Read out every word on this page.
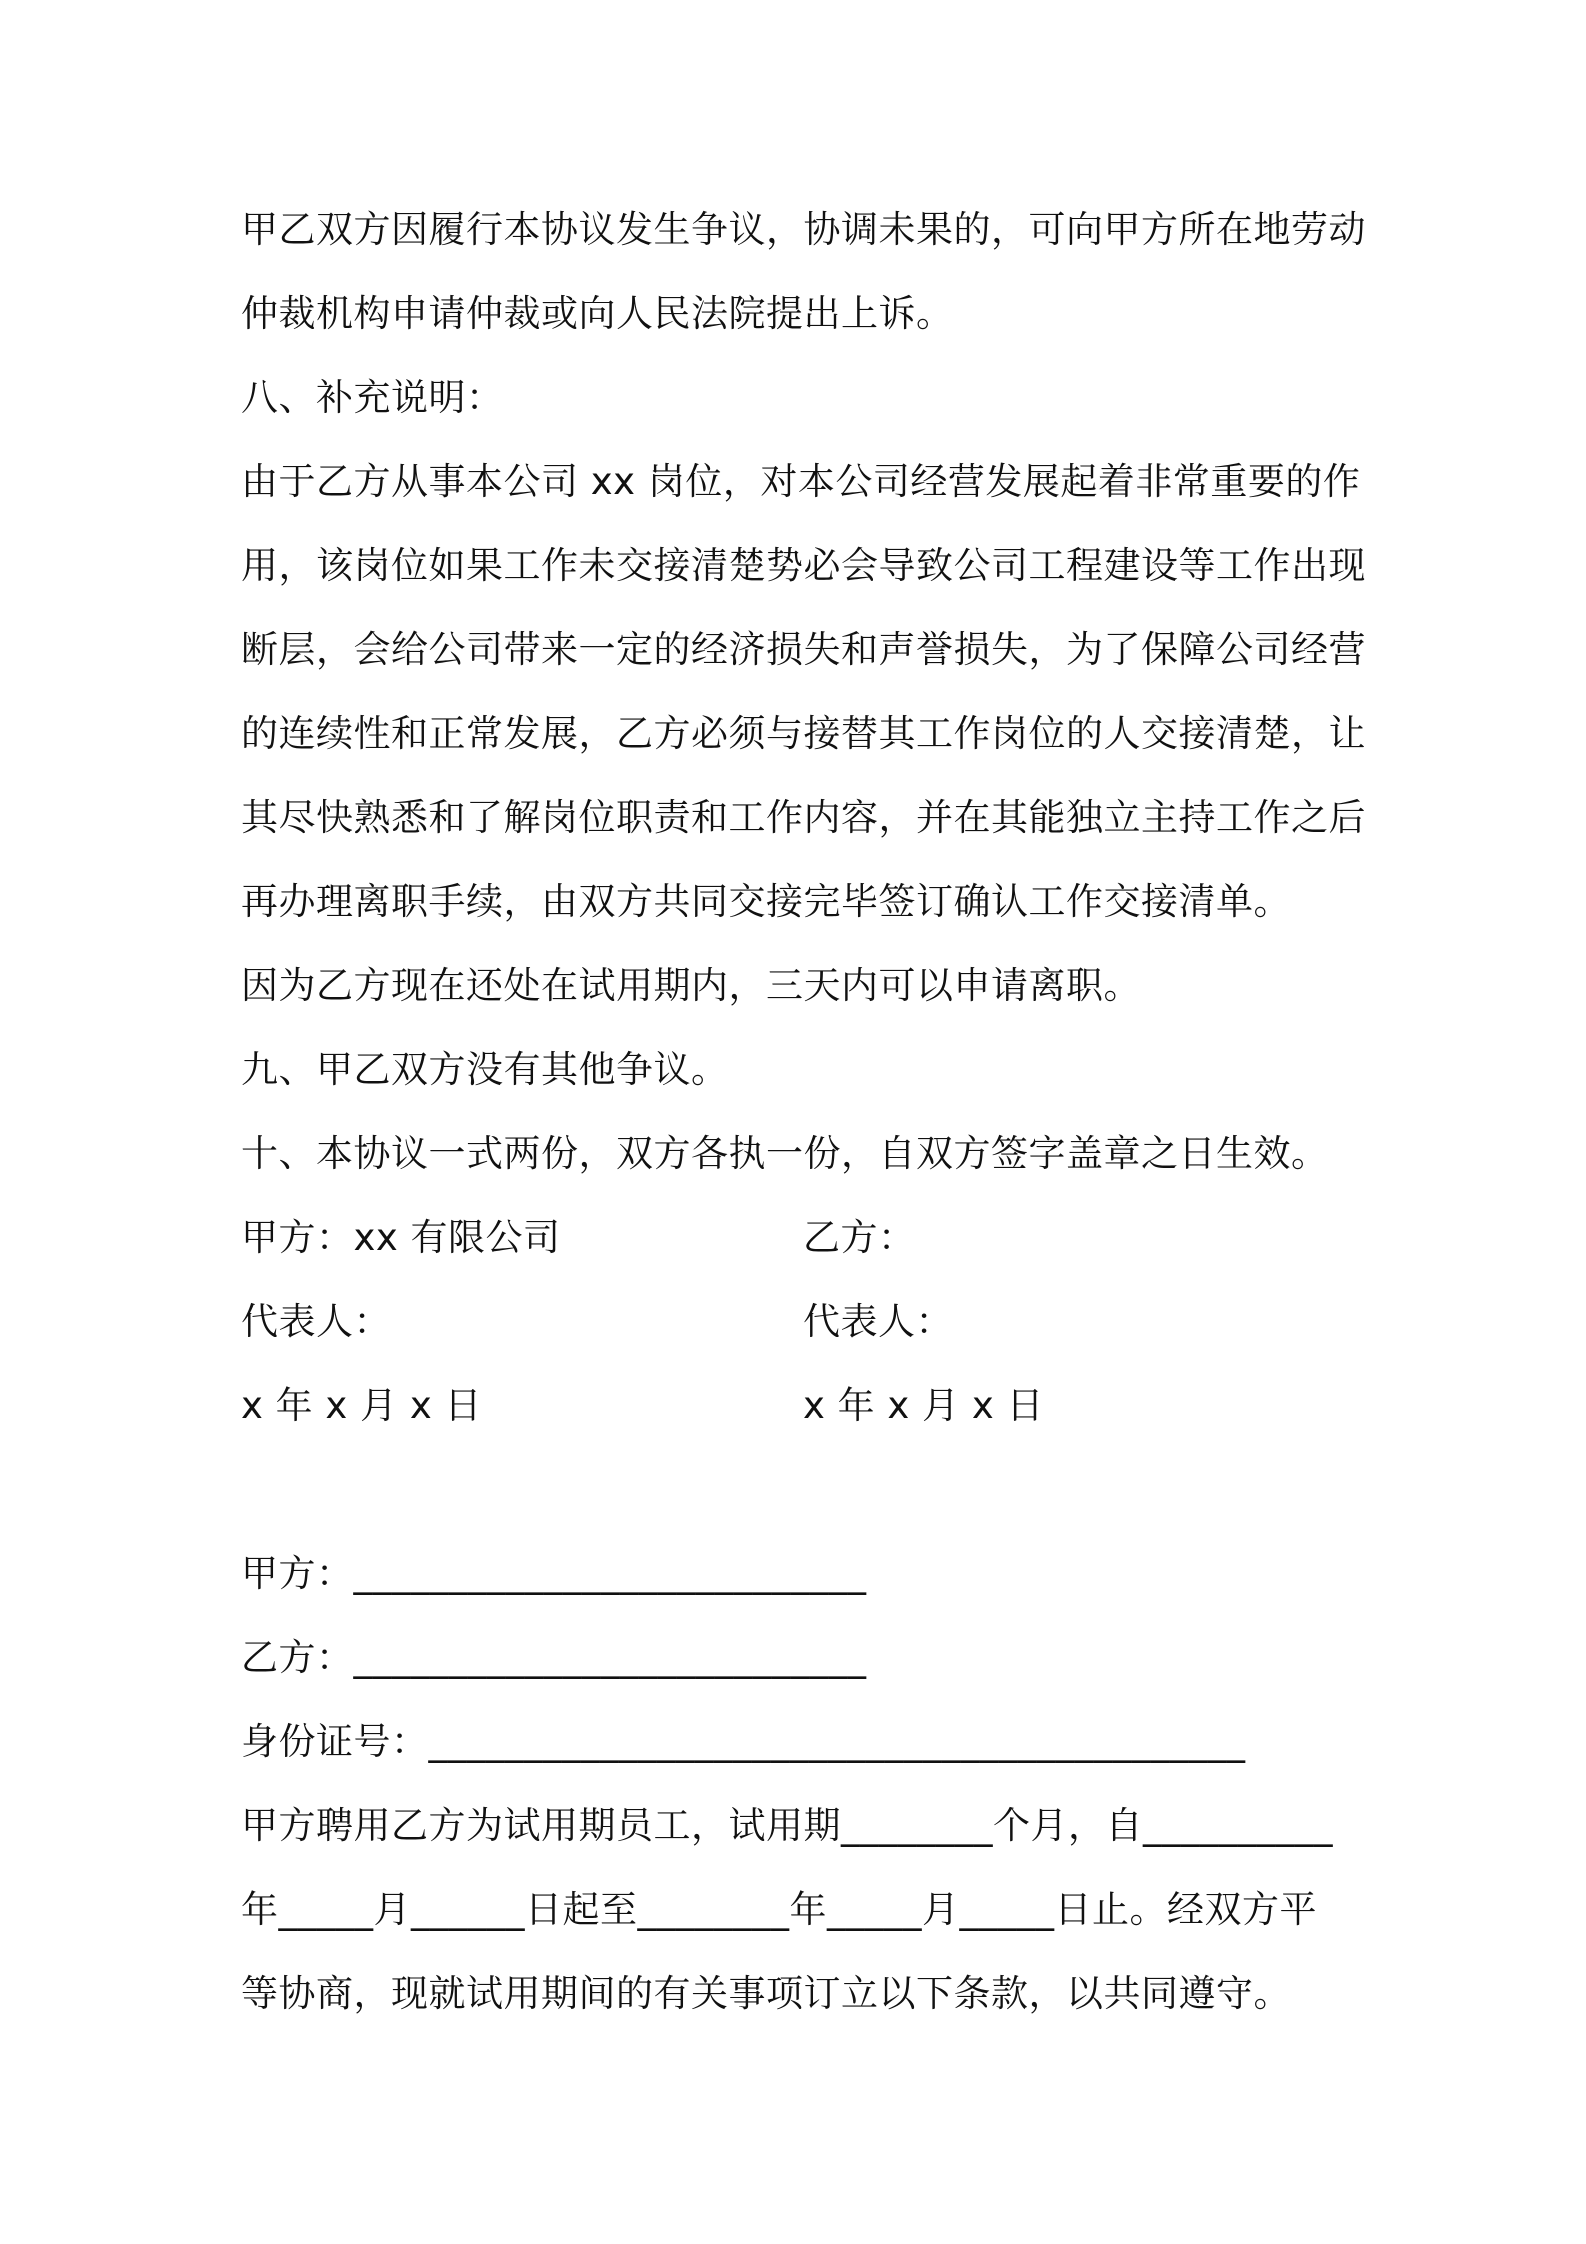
甲乙双方因履行本协议发生争议，协调未果的，可向甲方所在地劳动
仲裁机构申请仲裁或向人民法院提出上诉。
八、补充说明：
由于乙方从事本公司 xx 岗位，对本公司经营发展起着非常重要的作
用，该岗位如果工作未交接清楚势必会导致公司工程建设等工作出现
断层，会给公司带来一定的经济损失和声誉损失，为了保障公司经营
的连续性和正常发展，乙方必须与接替其工作岗位的人交接清楚，让
其尽快熟悉和了解岗位职责和工作内容，并在其能独立主持工作之后
再办理离职手续，由双方共同交接完毕签订确认工作交接清单。
因为乙方现在还处在试用期内，三天内可以申请离职。
九、甲乙双方没有其他争议。
十、本协议一式两份，双方各执一份，自双方签字盖章之日生效。
甲方：xx 有限公司	乙方：
代表人：	代表人：
x 年 x 月 x 日	x 年 x 月 x 日
甲方：___________________________
乙方：___________________________
身份证号：___________________________________________
甲方聘用乙方为试用期员工，试用期________个月，自__________
年_____月______日起至________年_____月_____日止。经双方平
等协商，现就试用期间的有关事项订立以下条款，以共同遵守。
